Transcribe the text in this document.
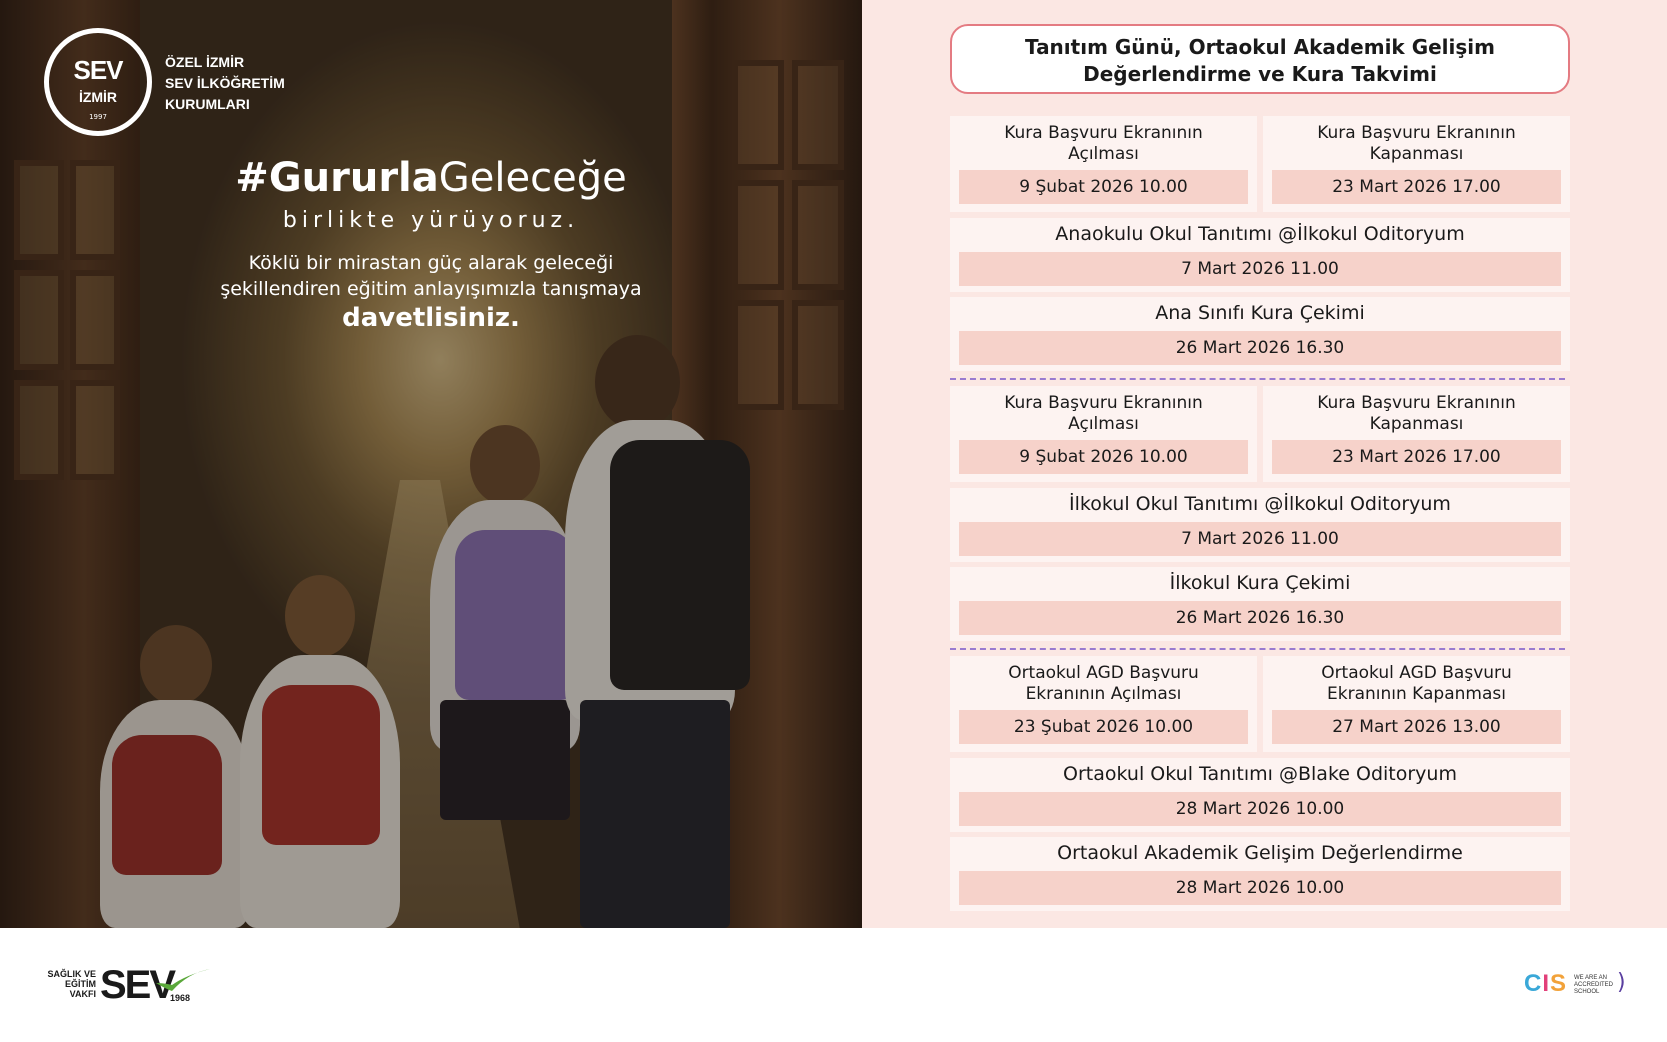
SEV
İZMİR
1997
ÖZEL İZMİR
SEV İLKÖĞRETİM
KURUMLARI
#GururlaGeleceğe
birlikte yürüyoruz.
Köklü bir mirastan güç alarak geleceği
şekillendiren eğitim anlayışımızla tanışmaya
davetlisiniz.
Tanıtım Günü, Ortaokul Akademik Gelişim
Değerlendirme ve Kura Takvimi
Kura Başvuru Ekranının
Açılması
9 Şubat 2026 10.00
Kura Başvuru Ekranının
Kapanması
23 Mart 2026 17.00
Anaokulu Okul Tanıtımı @İlkokul Oditoryum
7 Mart 2026 11.00
Ana Sınıfı Kura Çekimi
26 Mart 2026 16.30
Kura Başvuru Ekranının
Açılması
9 Şubat 2026 10.00
Kura Başvuru Ekranının
Kapanması
23 Mart 2026 17.00
İlkokul Okul Tanıtımı @İlkokul Oditoryum
7 Mart 2026 11.00
İlkokul Kura Çekimi
26 Mart 2026 16.30
Ortaokul AGD Başvuru
Ekranının Açılması
23 Şubat 2026 10.00
Ortaokul AGD Başvuru
Ekranının Kapanması
27 Mart 2026 13.00
Ortaokul Okul Tanıtımı @Blake Oditoryum
28 Mart 2026 10.00
Ortaokul Akademik Gelişim Değerlendirme
28 Mart 2026 10.00
SAĞLIK VE
EĞİTİM
VAKFI SEV
1968
CIS WE ARE AN
ACCREDITED
SCHOOL )
